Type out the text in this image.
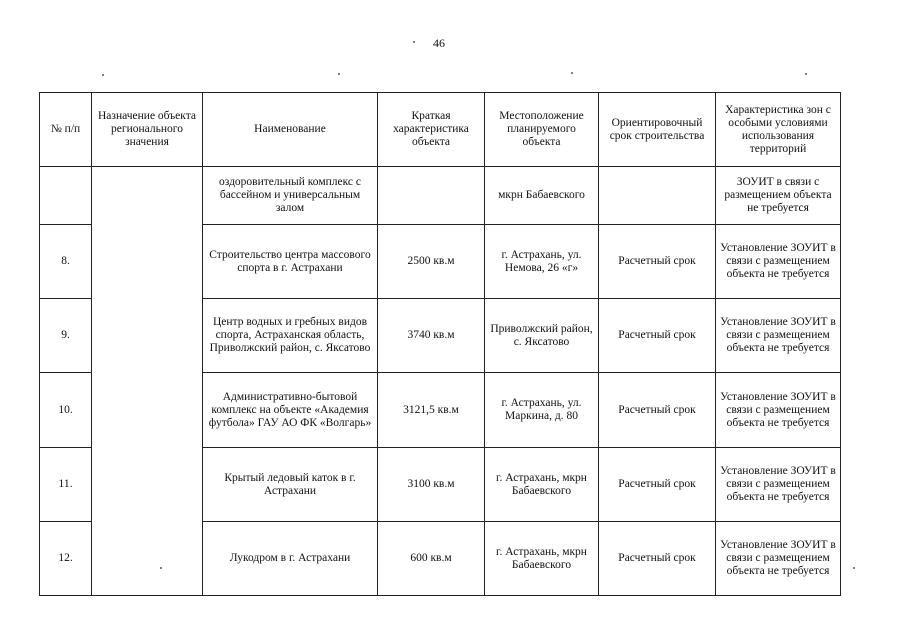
46
№ п/п	Назначение объекта регионального значения	Наименование	Краткая характеристика объекта	Местоположение планируемого объекта	Ориентировочный срок строительства	Характеристика зон с особыми условиями использования территорий
		оздоровительный комплекс с бассейном и универсальным залом		мкрн Бабаевского		ЗОУИТ в связи с размещением объекта не требуется
8.		Строительство центра массового спорта в г. Астрахани	2500 кв.м	г. Астрахань, ул. Немова, 26 «г»	Расчетный срок	Установление ЗОУИТ в связи с размещением объекта не требуется
9.		Центр водных и гребных видов спорта, Астраханская область, Приволжский район, с. Яксатово	3740 кв.м	Приволжский район, с. Яксатово	Расчетный срок	Установление ЗОУИТ в связи с размещением объекта не требуется
10.		Административно-бытовой комплекс на объекте «Академия футбола» ГАУ АО ФК «Волгарь»	3121,5 кв.м	г. Астрахань, ул. Маркина, д. 80	Расчетный срок	Установление ЗОУИТ в связи с размещением объекта не требуется
11.		Крытый ледовый каток в г. Астрахани	3100 кв.м	г. Астрахань, мкрн Бабаевского	Расчетный срок	Установление ЗОУИТ в связи с размещением объекта не требуется
12.		Лукодром в г. Астрахани	600 кв.м	г. Астрахань, мкрн Бабаевского	Расчетный срок	Установление ЗОУИТ в связи с размещением объекта не требуется
